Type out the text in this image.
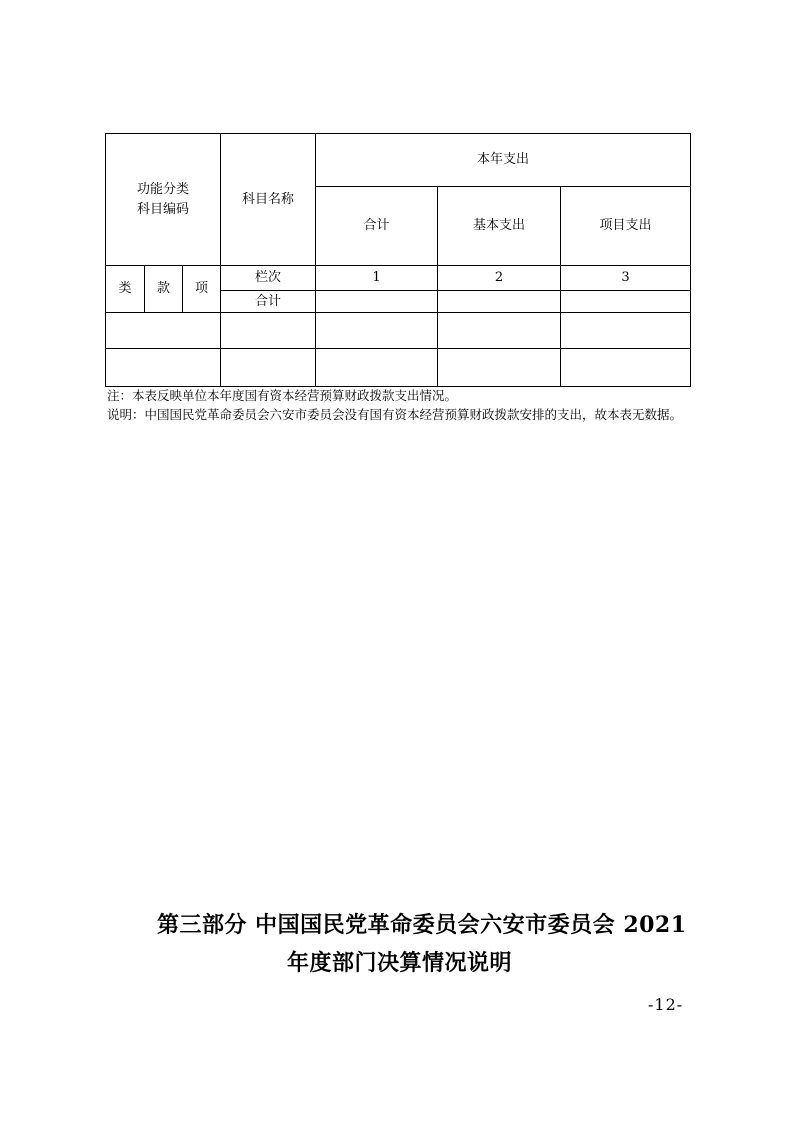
功能分类
科目编码			科目名称	本年支出		
				合计	基本支出	项目支出
类	款	项	栏次	1	2	3
			合计			

注：本表反映单位本年度国有资本经营预算财政拨款支出情况。
说明：中国国民党革命委员会六安市委员会没有国有资本经营预算财政拨款安排的支出，故本表无数据。
第三部分 中国国民党革命委员会六安市委员会 2021
年度部门决算情况说明
-12-
